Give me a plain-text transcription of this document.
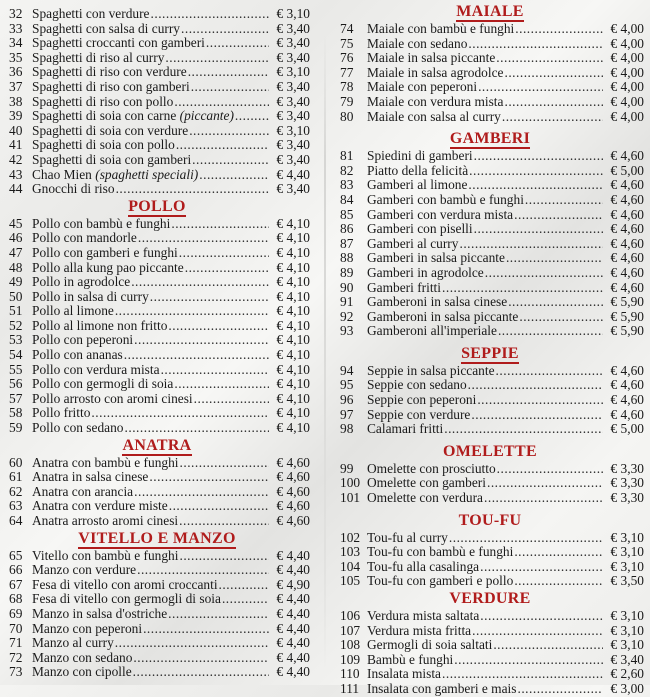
32 Spaghetti con verdure .....	€ 3,10
33 Spaghetti con salsa di curry .....	€ 3,40
34 Spaghetti croccanti con gamberi .....	€ 3,40
35 Spaghetti di riso al curry .....	€ 3,40
36 Spaghetti di riso con verdure .....	€ 3,10
37 Spaghetti di riso con gamberi .....	€ 3,40
38 Spaghetti di riso con pollo .....	€ 3,40
39 Spaghetti di soia con carne (piccante) .....	€ 3,40
40 Spaghetti di soia con verdure .....	€ 3,10
41 Spaghetti di soia con pollo .....	€ 3,40
42 Spaghetti di soia con gamberi .....	€ 3,40
43 Chao Mien (spaghetti speciali) .....	€ 4,40
44 Gnocchi di riso .....	€ 3,40
POLLO
45 Pollo con bambù e funghi .....	€ 4,10
46 Pollo con mandorle .....	€ 4,10
47 Pollo con gamberi e funghi .....	€ 4,10
48 Pollo alla kung pao piccante .....	€ 4,10
49 Pollo in agrodolce .....	€ 4,10
50 Pollo in salsa di curry .....	€ 4,10
51 Pollo al limone .....	€ 4,10
52 Pollo al limone non fritto .....	€ 4,10
53 Pollo con peperoni .....	€ 4,10
54 Pollo con ananas .....	€ 4,10
55 Pollo con verdura mista .....	€ 4,10
56 Pollo con germogli di soia .....	€ 4,10
57 Pollo arrosto con aromi cinesi .....	€ 4,10
58 Pollo fritto .....	€ 4,10
59 Pollo con sedano .....	€ 4,10
ANATRA
60 Anatra con bambù e funghi .....	€ 4,60
61 Anatra in salsa cinese .....	€ 4,60
62 Anatra con arancia .....	€ 4,60
63 Anatra con verdure miste .....	€ 4,60
64 Anatra arrosto aromi cinesi .....	€ 4,60
VITELLO E MANZO
65 Vitello con bambù e funghi .....	€ 4,40
66 Manzo con verdure .....	€ 4,40
67 Fesa di vitello con aromi croccanti .....	€ 4,90
68 Fesa di vitello con germogli di soia .....	€ 4,40
69 Manzo in salsa d'ostriche .....	€ 4,40
70 Manzo con peperoni .....	€ 4,40
71 Manzo al curry .....	€ 4,40
72 Manzo con sedano .....	€ 4,40
73 Manzo con cipolle .....	€ 4,40
MAIALE
74	Maiale con bambù e funghi .....	€ 4,00
75	Maiale con sedano .....	€ 4,00
76	Maiale in salsa piccante .....	€ 4,00
77	Maiale in salsa agrodolce .....	€ 4,00
78	Maiale con peperoni .....	€ 4,00
79	Maiale con verdura mista .....	€ 4,00
80	Maiale con salsa al curry .....	€ 4,00
GAMBERI
81	Spiedini di gamberi .....	€ 4,60
82	Piatto della felicità .....	€ 5,00
83	Gamberi al limone .....	€ 4,60
84	Gamberi con bambù e funghi .....	€ 4,60
85	Gamberi con verdura mista .....	€ 4,60
86	Gamberi con piselli .....	€ 4,60
87	Gamberi al curry .....	€ 4,60
88	Gamberi in salsa piccante .....	€ 4,60
89	Gamberi in agrodolce .....	€ 4,60
90	Gamberi fritti .....	€ 4,60
91	Gamberoni in salsa cinese .....	€ 5,90
92	Gamberoni in salsa piccante .....	€ 5,90
93	Gamberoni all'imperiale .....	€ 5,90
SEPPIE
94	Seppie in salsa piccante .....	€ 4,60
95	Seppie con sedano .....	€ 4,60
96	Seppie con peperoni .....	€ 4,60
97	Seppie con verdure .....	€ 4,60
98	Calamari fritti .....	€ 5,00
OMELETTE
99	Omelette con prosciutto .....	€ 3,30
100 Omelette con gamberi .....	€ 3,30
101 Omelette con verdura .....	€ 3,30
TOU-FU
102 Tou-fu al curry .....	€ 3,10
103 Tou-fu con bambù e funghi .....	€ 3,10
104 Tou-fu alla casalinga .....	€ 3,10
105 Tou-fu con gamberi e pollo .....	€ 3,50
VERDURE
106 Verdura mista saltata .....	€ 3,10
107 Verdura mista fritta .....	€ 3,10
108 Germogli di soia saltati .....	€ 3,10
109 Bambù e funghi .....	€ 3,40
110 Insalata mista .....	€ 2,60
111 Insalata con gamberi e mais .....	€ 3,00
